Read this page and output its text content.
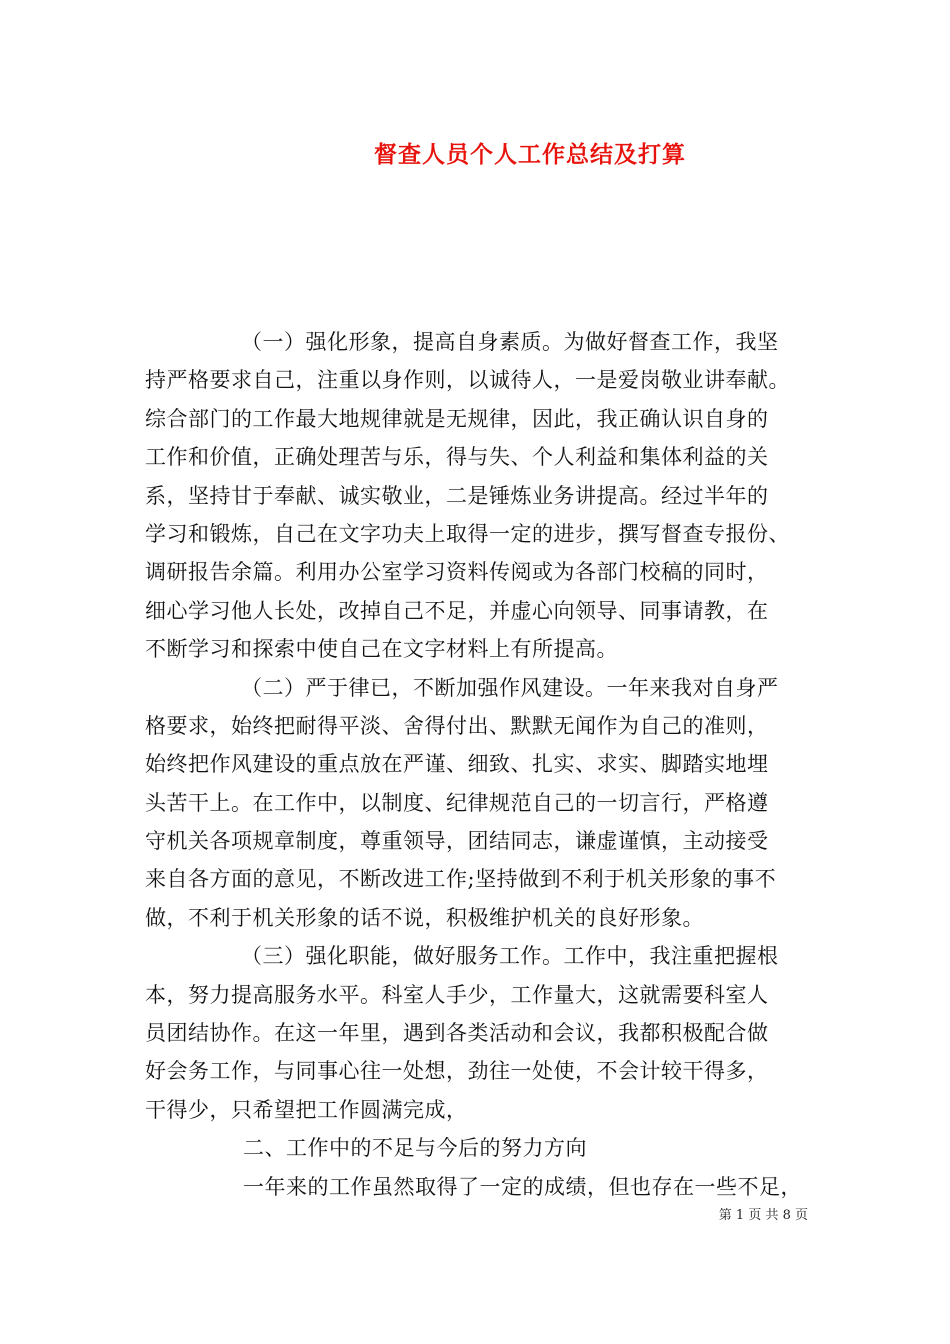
督查人员个人工作总结及打算
（一）强化形象，提高自身素质。为做好督查工作，我坚
持严格要求自己，注重以身作则，以诚待人，一是爱岗敬业讲奉献。
综合部门的工作最大地规律就是无规律，因此，我正确认识自身的
工作和价值，正确处理苦与乐，得与失、个人利益和集体利益的关
系，坚持甘于奉献、诚实敬业，二是锤炼业务讲提高。经过半年的
学习和锻炼，自己在文字功夫上取得一定的进步，撰写督查专报份、
调研报告余篇。利用办公室学习资料传阅或为各部门校稿的同时，
细心学习他人长处，改掉自己不足，并虚心向领导、同事请教，在
不断学习和探索中使自己在文字材料上有所提高。
（二）严于律已，不断加强作风建设。一年来我对自身严
格要求，始终把耐得平淡、舍得付出、默默无闻作为自己的准则，
始终把作风建设的重点放在严谨、细致、扎实、求实、脚踏实地埋
头苦干上。在工作中，以制度、纪律规范自己的一切言行，严格遵
守机关各项规章制度，尊重领导，团结同志，谦虚谨慎，主动接受
来自各方面的意见，不断改进工作;坚持做到不利于机关形象的事不
做，不利于机关形象的话不说，积极维护机关的良好形象。
（三）强化职能，做好服务工作。工作中，我注重把握根
本，努力提高服务水平。科室人手少，工作量大，这就需要科室人
员团结协作。在这一年里，遇到各类活动和会议，我都积极配合做
好会务工作，与同事心往一处想，劲往一处使，不会计较干得多，
干得少，只希望把工作圆满完成，
二、工作中的不足与今后的努力方向
一年来的工作虽然取得了一定的成绩，但也存在一些不足，
第 1 页 共 8 页
